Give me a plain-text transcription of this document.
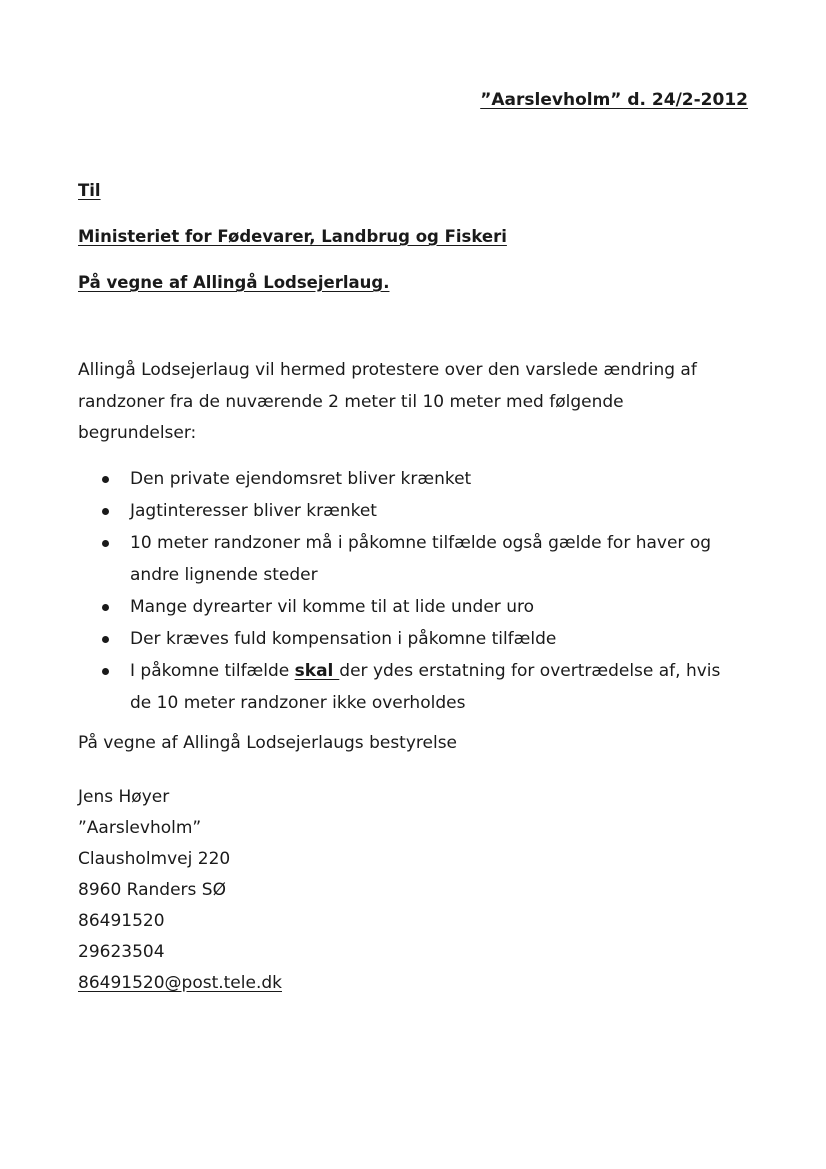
”Aarslevholm” d. 24/2-2012
Til
Ministeriet for Fødevarer, Landbrug og Fiskeri
På vegne af Allingå Lodsejerlaug.
Allingå Lodsejerlaug vil hermed protestere over den varslede ændring af
randzoner fra de nuværende 2 meter til 10 meter med følgende
begrundelser:
Den private ejendomsret bliver krænket
Jagtinteresser bliver krænket
10 meter randzoner må i påkomne tilfælde også gælde for haver og
andre lignende steder
Mange dyrearter vil komme til at lide under uro
Der kræves fuld kompensation i påkomne tilfælde
I påkomne tilfælde skal der ydes erstatning for overtrædelse af, hvis
de 10 meter randzoner ikke overholdes
På vegne af Allingå Lodsejerlaugs bestyrelse
Jens Høyer
”Aarslevholm”
Clausholmvej 220
8960 Randers SØ
86491520
29623504
86491520@post.tele.dk
